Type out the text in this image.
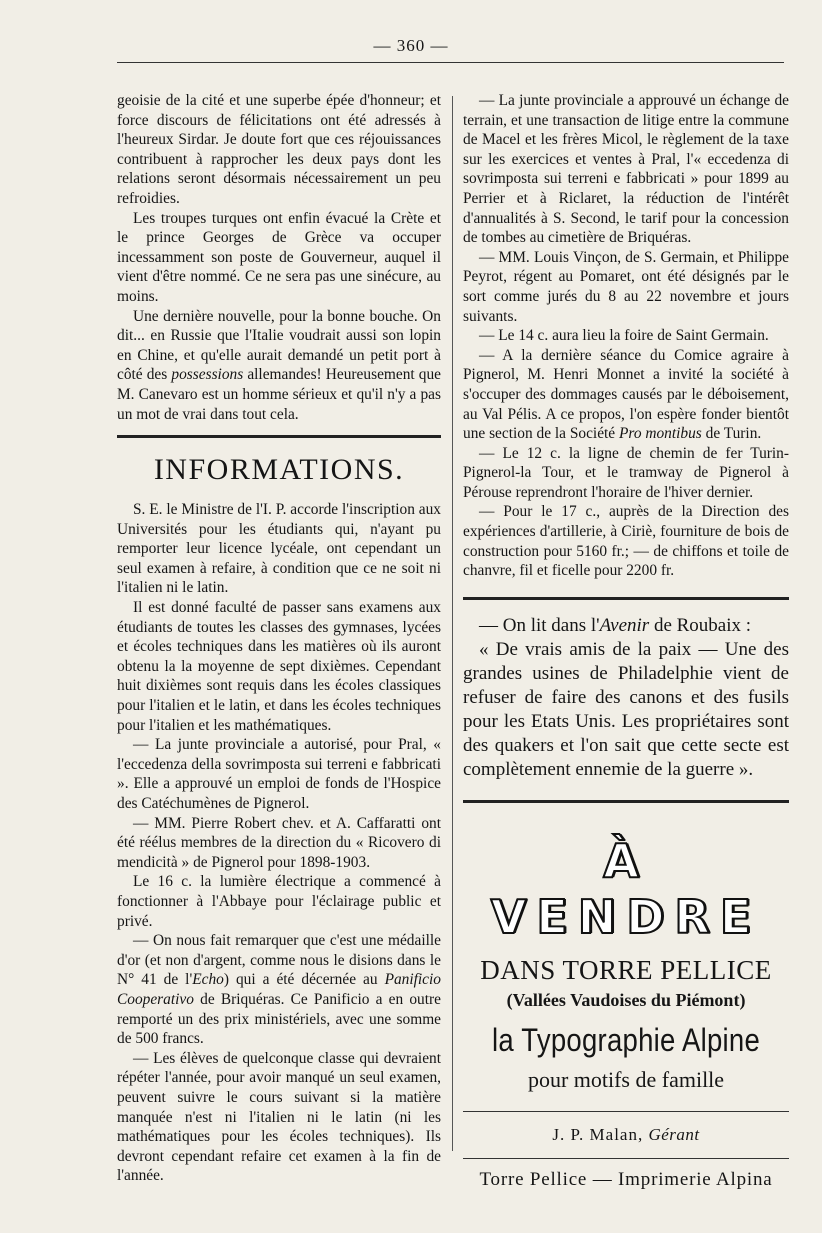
— 360 —

geoisie de la cité et une superbe épée d'honneur; et force discours de félicitations ont été adressés à l'heureux Sirdar. Je doute fort que ces réjouissances contribuent à rapprocher les deux pays dont les relations seront désormais nécessairement un peu refroidies.

Les troupes turques ont enfin évacué la Crète et le prince Georges de Grèce va occuper incessamment son poste de Gouverneur, auquel il vient d'être nommé. Ce ne sera pas une sinécure, au moins.

Une dernière nouvelle, pour la bonne bouche. On dit... en Russie que l'Italie voudrait aussi son lopin en Chine, et qu'elle aurait demandé un petit port à côté des possessions allemandes! Heureusement que M. Canevaro est un homme sérieux et qu'il n'y a pas un mot de vrai dans tout cela.

INFORMATIONS.

S. E. le Ministre de l'I. P. accorde l'inscription aux Universités pour les étudiants qui, n'ayant pu remporter leur licence lycéale, ont cependant un seul examen à refaire, à condition que ce ne soit ni l'italien ni le latin.

Il est donné faculté de passer sans examens aux étudiants de toutes les classes des gymnases, lycées et écoles techniques dans les matières où ils auront obtenu la la moyenne de sept dixièmes. Cependant huit dixièmes sont requis dans les écoles classiques pour l'italien et le latin, et dans les écoles techniques pour l'italien et les mathématiques.

— La junte provinciale a autorisé, pour Pral, « l'eccedenza della sovrimposta sui terreni e fabbricati ». Elle a approuvé un emploi de fonds de l'Hospice des Catéchumènes de Pignerol.

— MM. Pierre Robert chev. et A. Caffaratti ont été réélus membres de la direction du « Ricovero di mendicità » de Pignerol pour 1898-1903.

Le 16 c. la lumière électrique a commencé à fonctionner à l'Abbaye pour l'éclairage public et privé.

— On nous fait remarquer que c'est une médaille d'or (et non d'argent, comme nous le disions dans le N° 41 de l'Echo) qui a été décernée au Panificio Cooperativo de Briquéras. Ce Panificio a en outre remporté un des prix ministériels, avec une somme de 500 francs.

— Les élèves de quelconque classe qui devraient répéter l'année, pour avoir manqué un seul examen, peuvent suivre le cours suivant si la matière manquée n'est ni l'italien ni le latin (ni les mathématiques pour les écoles techniques). Ils devront cependant refaire cet examen à la fin de l'année.

— La junte provinciale a approuvé un échange de terrain, et une transaction de litige entre la commune de Macel et les frères Micol, le règlement de la taxe sur les exercices et ventes à Pral, l'« eccedenza di sovrimposta sui terreni e fabbricati » pour 1899 au Perrier et à Riclaret, la réduction de l'intérêt d'annualités à S. Second, le tarif pour la concession de tombes au cimetière de Briquéras.

— MM. Louis Vinçon, de S. Germain, et Philippe Peyrot, régent au Pomaret, ont été désignés par le sort comme jurés du 8 au 22 novembre et jours suivants.

— Le 14 c. aura lieu la foire de Saint Germain.

— A la dernière séance du Comice agraire à Pignerol, M. Henri Monnet a invité la société à s'occuper des dommages causés par le déboisement, au Val Pélis. A ce propos, l'on espère fonder bientôt une section de la Société Pro montibus de Turin.

— Le 12 c. la ligne de chemin de fer Turin-Pignerol-la Tour, et le tramway de Pignerol à Pérouse reprendront l'horaire de l'hiver dernier.

— Pour le 17 c., auprès de la Direction des expériences d'artillerie, à Ciriè, fourniture de bois de construction pour 5160 fr.; — de chiffons et toile de chanvre, fil et ficelle pour 2200 fr.

— On lit dans l'Avenir de Roubaix :

« De vrais amis de la paix — Une des grandes usines de Philadelphie vient de refuser de faire des canons et des fusils pour les Etats Unis. Les propriétaires sont des quakers et l'on sait que cette secte est complètement ennemie de la guerre ».

À VENDRE
DANS TORRE PELLICE
(Vallées Vaudoises du Piémont)
la Typographie Alpine
pour motifs de famille
J. P. Malan, Gérant
Torre Pellice — Imprimerie Alpina
